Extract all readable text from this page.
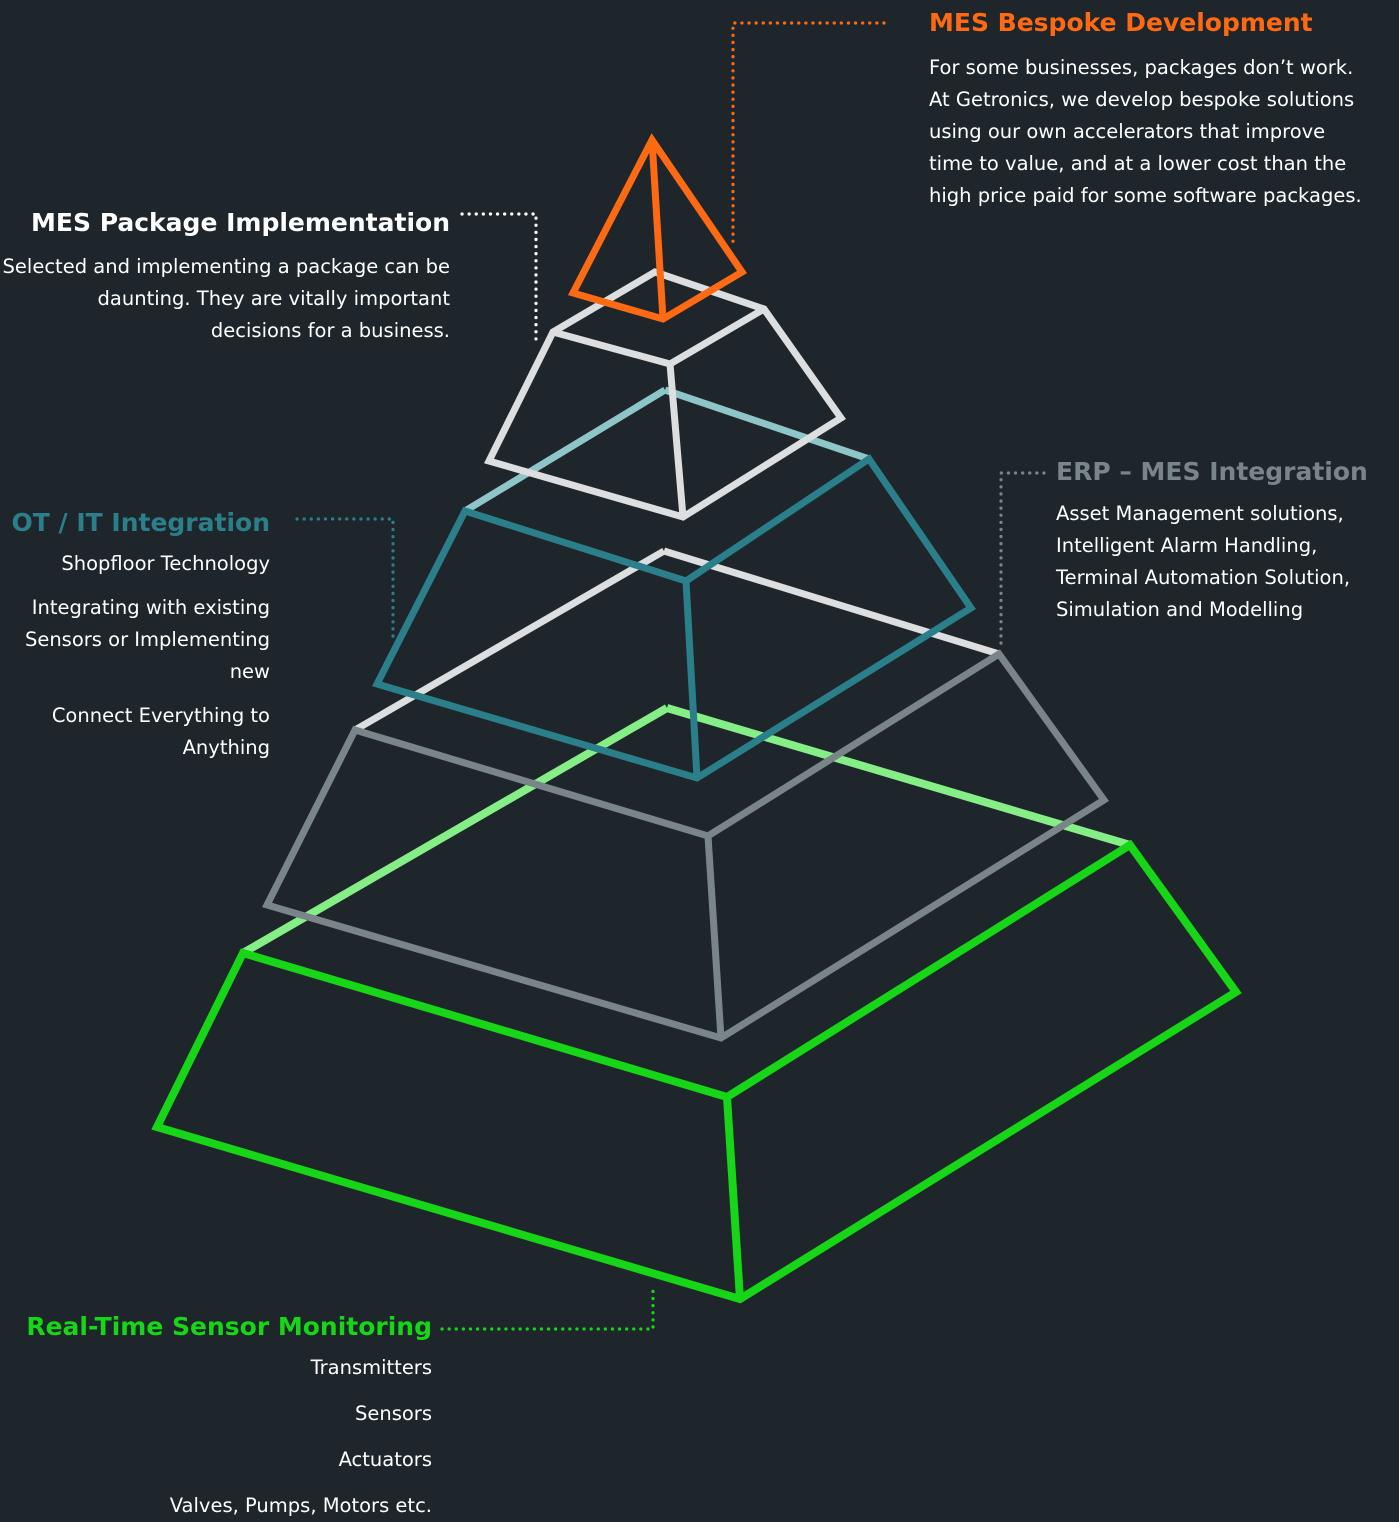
MES Bespoke Development

For some businesses, packages don’t work. At Getronics, we develop bespoke solutions using our own accelerators that improve time to value, and at a lower cost than the high price paid for some software packages.

MES Package Implementation

Selected and implementing a package can be daunting. They are vitally important decisions for a business.

OT / IT Integration

Shopfloor Technology

Integrating with existing Sensors or Implementing new

Connect Everything to Anything

ERP – MES Integration

Asset Management solutions, Intelligent Alarm Handling, Terminal Automation Solution, Simulation and Modelling

Real-Time Sensor Monitoring

Transmitters

Sensors

Actuators

Valves, Pumps, Motors etc.
